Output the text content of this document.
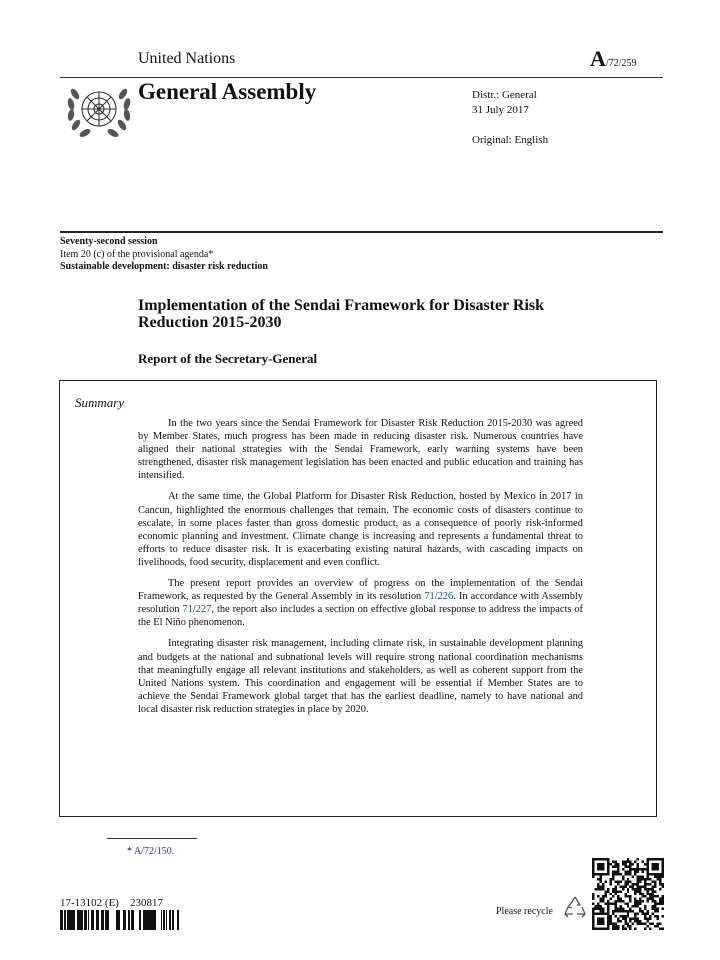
United Nations	A/72/259
General Assembly	Distr.: General
31 July 2017
Original: English
Seventy-second session
Item 20 (c) of the provisional agenda*
Sustainable development: disaster risk reduction
Implementation of the Sendai Framework for Disaster Risk Reduction 2015-2030
Report of the Secretary-General
Summary

In the two years since the Sendai Framework for Disaster Risk Reduction 2015-2030 was agreed by Member States, much progress has been made in reducing disaster risk. Numerous countries have aligned their national strategies with the Sendai Framework, early warning systems have been strengthened, disaster risk management legislation has been enacted and public education and training has intensified.

At the same time, the Global Platform for Disaster Risk Reduction, hosted by Mexico in 2017 in Cancun, highlighted the enormous challenges that remain. The economic costs of disasters continue to escalate, in some places faster than gross domestic product, as a consequence of poorly risk-informed economic planning and investment. Climate change is increasing and represents a fundamental threat to efforts to reduce disaster risk. It is exacerbating existing natural hazards, with cascading impacts on livelihoods, food security, displacement and even conflict.

The present report provides an overview of progress on the implementation of the Sendai Framework, as requested by the General Assembly in its resolution 71/226. In accordance with Assembly resolution 71/227, the report also includes a section on effective global response to address the impacts of the El Niño phenomenon.

Integrating disaster risk management, including climate risk, in sustainable development planning and budgets at the national and subnational levels will require strong national coordination mechanisms that meaningfully engage all relevant institutions and stakeholders, as well as coherent support from the United Nations system. This coordination and engagement will be essential if Member States are to achieve the Sendai Framework global target that has the earliest deadline, namely to have national and local disaster risk reduction strategies in place by 2020.

* A/72/150.
17-13102 (E)    230817
Please recycle
